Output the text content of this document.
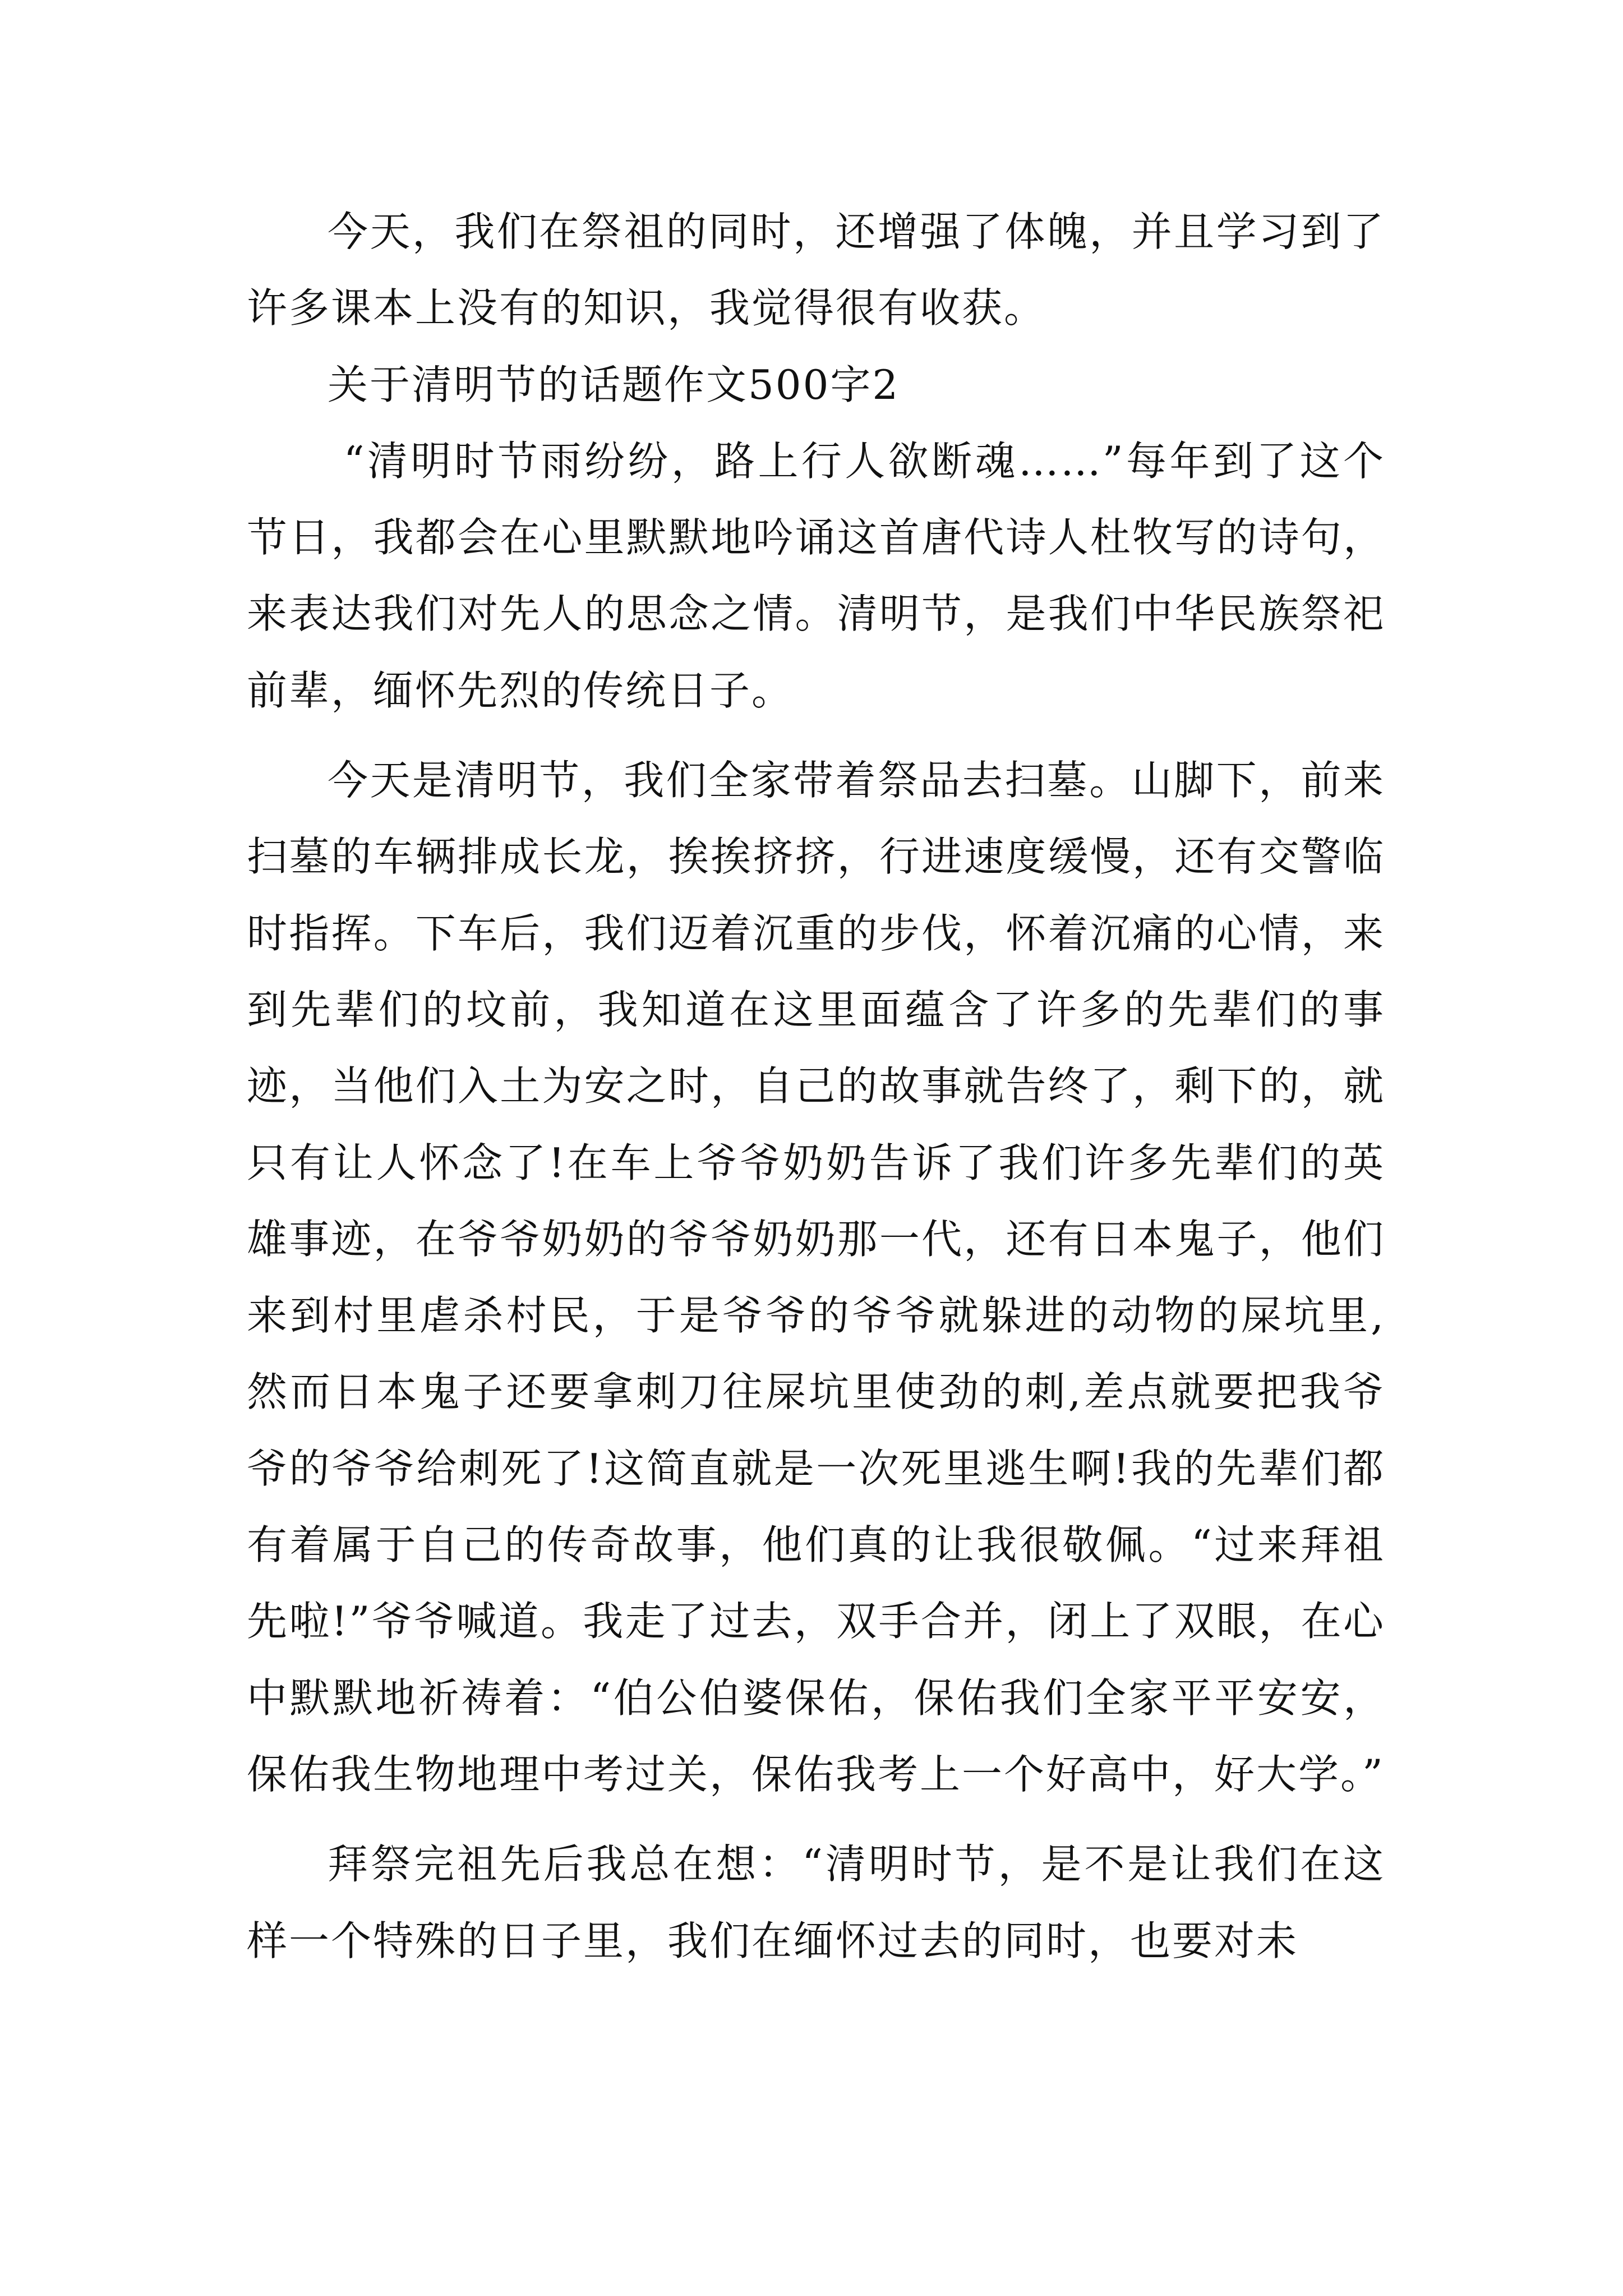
今天，我们在祭祖的同时，还增强了体魄，并且学习到了许多课本上没有的知识，我觉得很有收获。

关于清明节的话题作文500字2

“清明时节雨纷纷，路上行人欲断魂……”每年到了这个节日，我都会在心里默默地吟诵这首唐代诗人杜牧写的诗句，来表达我们对先人的思念之情。清明节，是我们中华民族祭祀前辈，缅怀先烈的传统日子。

今天是清明节，我们全家带着祭品去扫墓。山脚下，前来扫墓的车辆排成长龙，挨挨挤挤，行进速度缓慢，还有交警临时指挥。下车后，我们迈着沉重的步伐，怀着沉痛的心情，来到先辈们的坟前，我知道在这里面蕴含了许多的先辈们的事迹，当他们入土为安之时，自己的故事就告终了，剩下的，就只有让人怀念了!在车上爷爷奶奶告诉了我们许多先辈们的英雄事迹，在爷爷奶奶的爷爷奶奶那一代，还有日本鬼子，他们来到村里虐杀村民，于是爷爷的爷爷就躲进的动物的屎坑里,然而日本鬼子还要拿刺刀往屎坑里使劲的刺,差点就要把我爷爷的爷爷给刺死了!这简直就是一次死里逃生啊!我的先辈们都有着属于自己的传奇故事，他们真的让我很敬佩。“过来拜祖先啦!”爷爷喊道。我走了过去，双手合并，闭上了双眼，在心中默默地祈祷着：“伯公伯婆保佑，保佑我们全家平平安安，保佑我生物地理中考过关，保佑我考上一个好高中，好大学。”

拜祭完祖先后我总在想：“清明时节，是不是让我们在这样一个特殊的日子里，我们在缅怀过去的同时，也要对未
